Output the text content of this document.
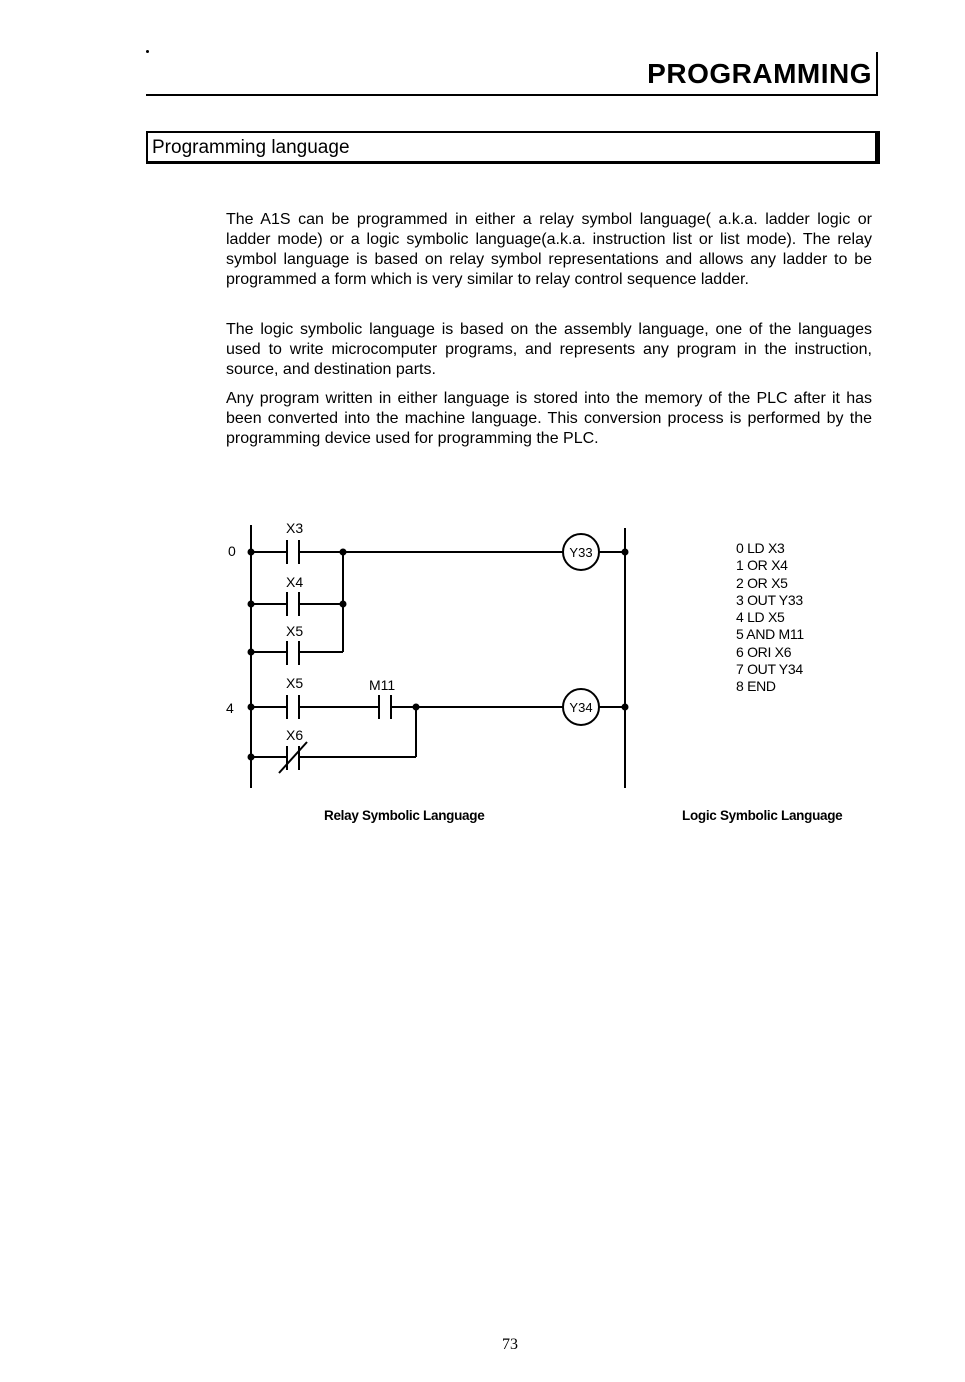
PROGRAMMING
Programming language

The A1S can be programmed in either a relay symbol language( a.k.a. ladder logic or ladder mode) or a logic symbolic language(a.k.a. instruction list or list mode). The relay symbol language is based on relay symbol representations and allows any ladder to be programmed a form which is very similar to relay control sequence ladder.

The logic symbolic language is based on the assembly language, one of the languages used to write microcomputer programs, and represents any program in the instruction, source, and destination parts.

Any program written in either language is stored into the memory of the PLC after it has been converted into the machine language. This conversion process is performed by the programming device used for programming the PLC.

0
4
X3
X4
X5
X5	M11
X6
Y33
Y34
0 LD X3
1 OR X4
2 OR X5
3 OUT Y33
4 LD X5
5 AND M11
6 ORI X6
7 OUT Y34
8 END
Relay Symbolic Language	Logic Symbolic Language
73
